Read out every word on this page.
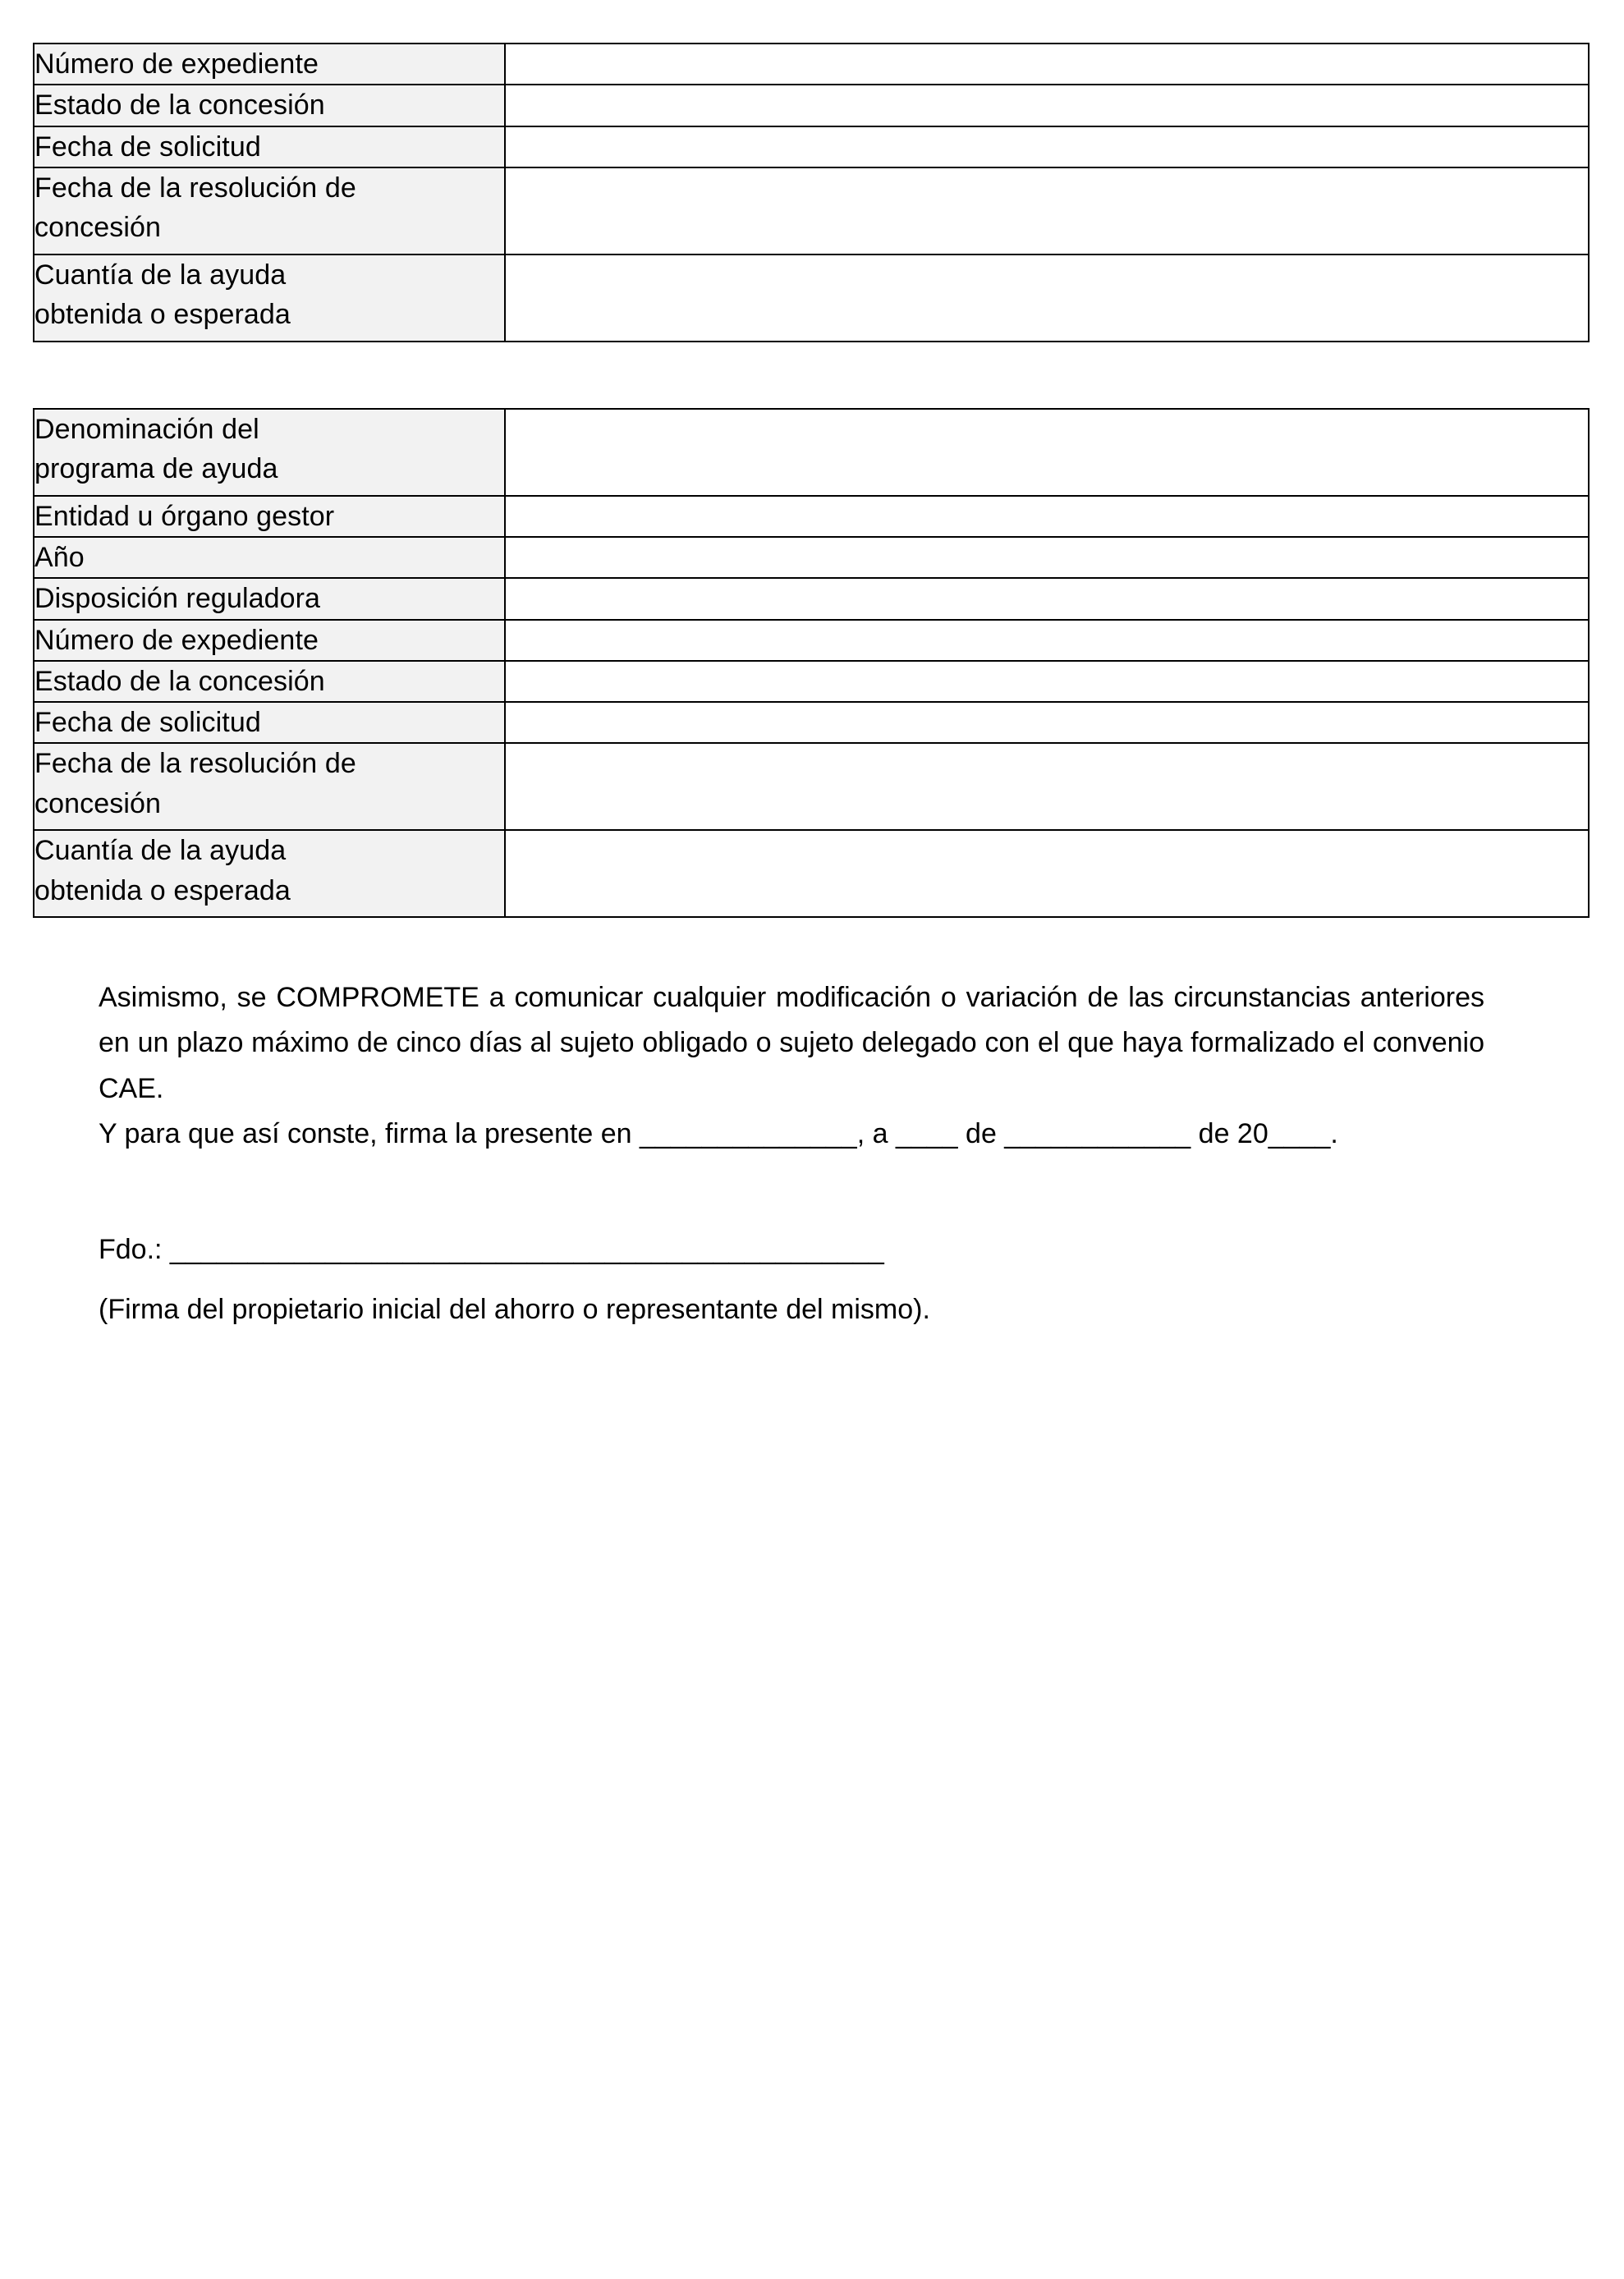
Número de expediente	

Estado de la concesión	

Fecha de solicitud	

Fecha de la resolución de
concesión	

Cuantía de la ayuda
obtenida o esperada	

Denominación del
programa de ayuda	

Entidad u órgano gestor	

Año	

Disposición reguladora	

Número de expediente	

Estado de la concesión	

Fecha de solicitud	

Fecha de la resolución de
concesión	

Cuantía de la ayuda
obtenida o esperada	

Asimismo, se COMPROMETE a comunicar cualquier modificación o variación de las circunstancias anteriores en un plazo máximo de cinco días al sujeto obligado o sujeto delegado con el que haya formalizado el convenio CAE.

Y para que así conste, firma la presente en ______________, a ____ de ____________ de 20____.

Fdo.: ______________________________________________

(Firma del propietario inicial del ahorro o representante del mismo).
